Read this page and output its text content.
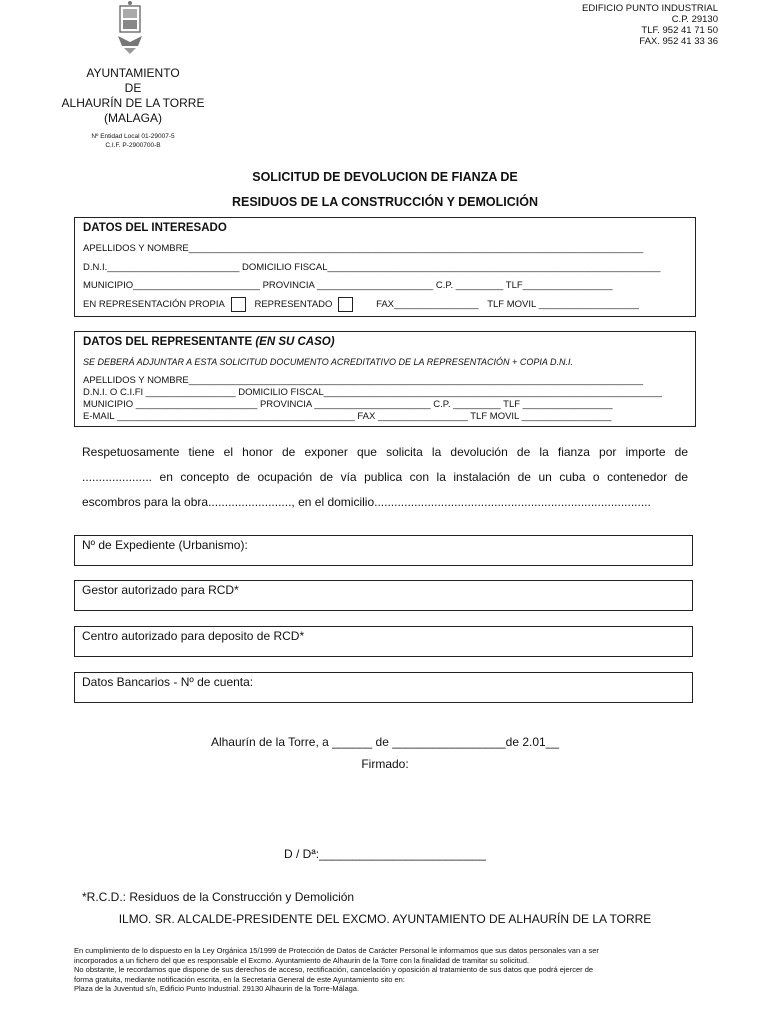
AYUNTAMIENTO
DE
ALHAURÍN DE LA TORRE
(MALAGA)
Nº Entidad Local 01-29007-5
C.I.F. P-2900700-B
EDIFICIO PUNTO INDUSTRIAL
C.P. 29130
TLF. 952 41 71 50
FAX. 952 41 33 36
SOLICITUD DE DEVOLUCION DE FIANZA DE
RESIDUOS DE LA CONSTRUCCIÓN Y DEMOLICIÓN
DATOS DEL INTERESADO
APELLIDOS Y NOMBRE______________________________________________________________________________________
D.N.I._________________________ DOMICILIO FISCAL_______________________________________________________________
MUNICIPIO________________________ PROVINCIA ______________________ C.P. _________ TLF_________________
EN REPRESENTACIÓN PROPIA	REPRESENTADO	FAX________________ TLF MOVIL ___________________
DATOS DEL REPRESENTANTE (EN SU CASO)
SE DEBERÁ ADJUNTAR A ESTA SOLICITUD DOCUMENTO ACREDITATIVO DE LA REPRESENTACIÓN + COPIA D.N.I.
APELLIDOS Y NOMBRE______________________________________________________________________________________
D.N.I. O C.I.FI _________________ DOMICILIO FISCAL________________________________________________________________
MUNICIPIO _______________________ PROVINCIA ______________________ C.P. _________ TLF _________________
E-MAIL _____________________________________________ FAX _________________ TLF MOVIL _________________
Respetuosamente tiene el honor de exponer que solicita la devolución de la fianza por importe de
..................... en concepto de ocupación de vía publica con la instalación de un cuba o contenedor de
escombros para la obra........................., en el domicilio...................................................................................
Nº de Expediente (Urbanismo):
Gestor autorizado para RCD*
Centro autorizado para deposito de RCD*
Datos Bancarios - Nº de cuenta:
Alhaurín de la Torre, a ______ de _________________de 2.01__
Firmado:
D / Dª:_________________________
*R.C.D.: Residuos de la Construcción y Demolición
ILMO. SR. ALCALDE-PRESIDENTE DEL EXCMO. AYUNTAMIENTO DE ALHAURÍN DE LA TORRE
En cumplimiento de lo dispuesto en la Ley Orgánica 15/1999 de Protección de Datos de Carácter Personal le informamos que sus datos personales van a ser
incorporados a un fichero del que es responsable el Excmo. Ayuntamiento de Alhaurin de la Torre con la finalidad de tramitar su solicitud.
No obstante, le recordamos que dispone de sus derechos de acceso, rectificación, cancelación y oposición al tratamiento de sus datos que podrá ejercer de
forma gratuita, mediante notificación escrita, en la Secretaria General de este Ayuntamiento sito en:
Plaza de la Juventud s/n, Edificio Punto Industrial. 29130 Alhaurin de la Torre-Málaga.
